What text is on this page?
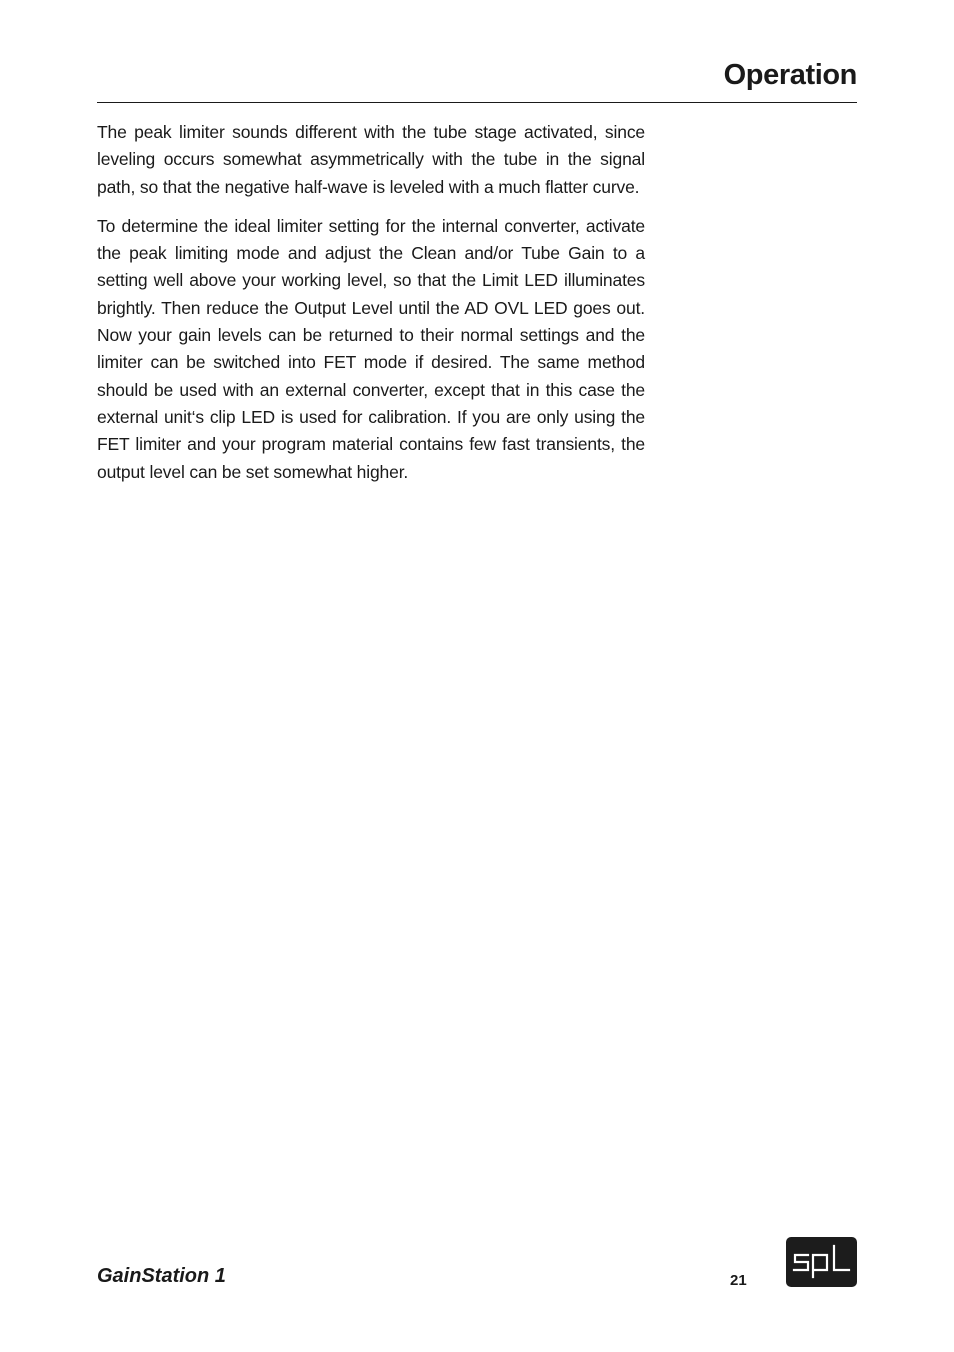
Operation

The peak limiter sounds different with the tube stage activated, since leveling occurs somewhat asymmetrically with the tube in the signal path, so that the negative half-wave is leveled with a much flatter curve.

To determine the ideal limiter setting for the internal converter, activate the peak limiting mode and adjust the Clean and/or Tube Gain to a setting well above your working level, so that the Limit LED illuminates brightly. Then reduce the Output Level until the AD OVL LED goes out. Now your gain levels can be returned to their normal settings and the limiter can be switched into FET mode if desired. The same method should be used with an external converter, except that in this case the external unit‘s clip LED is used for calibration. If you are only using the FET limiter and your program material contains few fast transients, the output level can be set somewhat higher.

GainStation 1	21
